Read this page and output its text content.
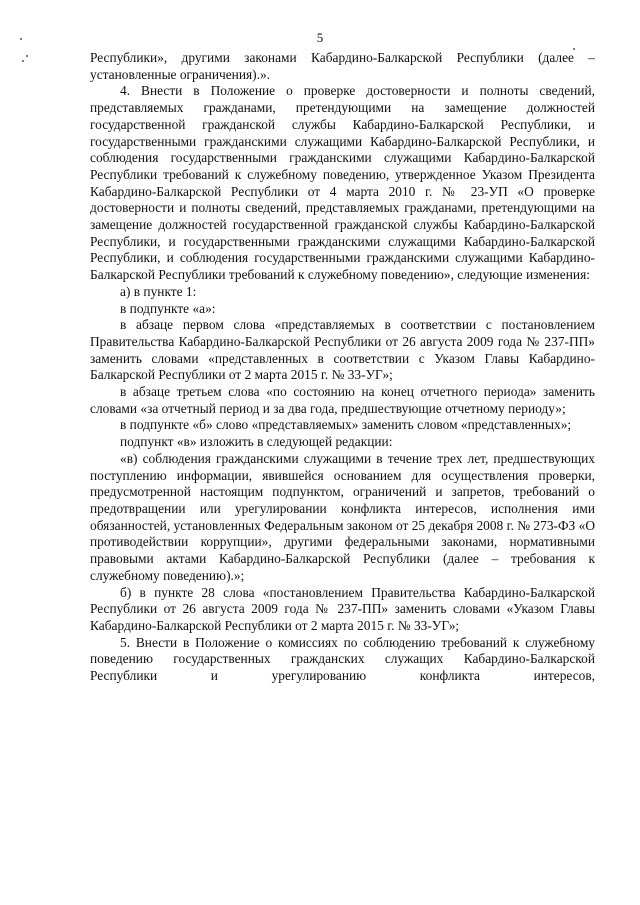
5

Республики», другими законами Кабардино-Балкарской Республики (далее – установленные ограничения).».

4. Внести в Положение о проверке достоверности и полноты сведений, представляемых гражданами, претендующими на замещение должностей государственной гражданской службы Кабардино-Балкарской Республики, и государственными гражданскими служащими Кабардино-Балкарской Республики, и соблюдения государственными гражданскими служащими Кабардино-Балкарской Республики требований к служебному поведению, утвержденное Указом Президента Кабардино-Балкарской Республики от 4 марта 2010 г. № 23-УП «О проверке достоверности и полноты сведений, представляемых гражданами, претендующими на замещение должностей государственной гражданской службы Кабардино-Балкарской Республики, и государственными гражданскими служащими Кабардино-Балкарской Республики, и соблюдения государственными гражданскими служащими Кабардино-Балкарской Республики требований к служебному поведению», следующие изменения:

а) в пункте 1:

в подпункте «а»:

в абзаце первом слова «представляемых в соответствии с постановлением Правительства Кабардино-Балкарской Республики от 26 августа 2009 года № 237-ПП» заменить словами «представленных в соответствии с Указом Главы Кабардино-Балкарской Республики от 2 марта 2015 г. № 33-УГ»;

в абзаце третьем слова «по состоянию на конец отчетного периода» заменить словами «за отчетный период и за два года, предшествующие отчетному периоду»;

в подпункте «б» слово «представляемых» заменить словом «представленных»;

подпункт «в» изложить в следующей редакции:

«в) соблюдения гражданскими служащими в течение трех лет, предшествующих поступлению информации, явившейся основанием для осуществления проверки, предусмотренной настоящим подпунктом, ограничений и запретов, требований о предотвращении или урегулировании конфликта интересов, исполнения ими обязанностей, установленных Федеральным законом от 25 декабря 2008 г. № 273-ФЗ «О противодействии коррупции», другими федеральными законами, нормативными правовыми актами Кабардино-Балкарской Республики (далее – требования к служебному поведению).»;

б) в пункте 28 слова «постановлением Правительства Кабардино-Балкарской Республики от 26 августа 2009 года № 237-ПП» заменить словами «Указом Главы Кабардино-Балкарской Республики от 2 марта 2015 г. № 33-УГ»;

5. Внести в Положение о комиссиях по соблюдению требований к служебному поведению государственных гражданских служащих Кабардино-Балкарской Республики и урегулированию конфликта интересов,
